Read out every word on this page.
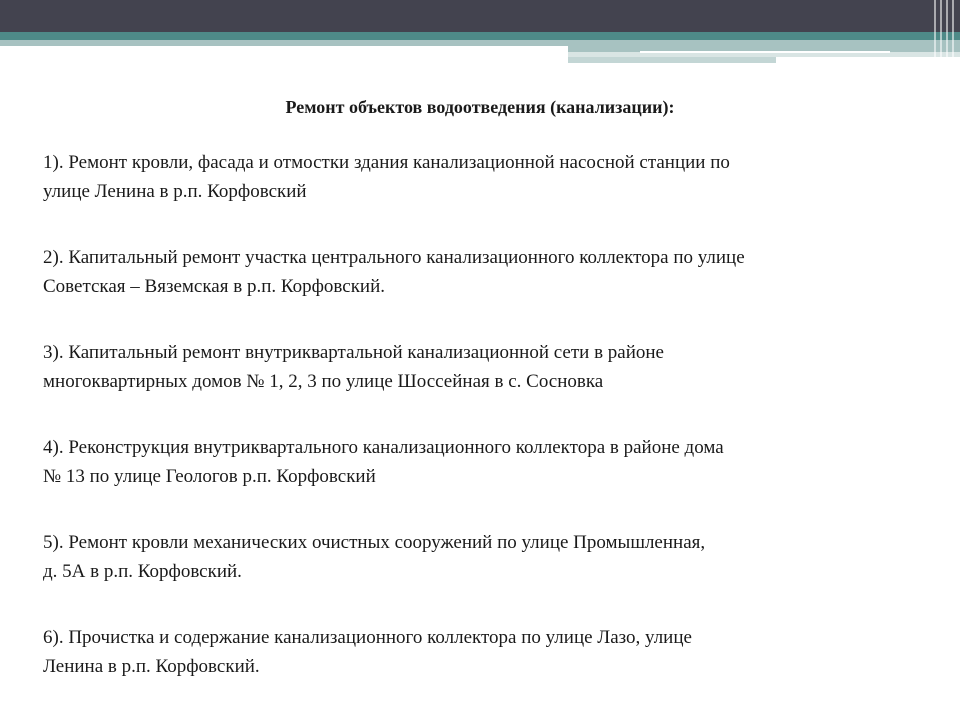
Ремонт объектов водоотведения (канализации):
1). Ремонт кровли, фасада и отмостки здания канализационной насосной станции по
улице Ленина в р.п. Корфовский
2). Капитальный ремонт участка центрального канализационного коллектора по улице
Советская – Вяземская в р.п. Корфовский.
3). Капитальный ремонт внутриквартальной канализационной сети в районе
многоквартирных домов № 1, 2, 3 по улице Шоссейная в с. Сосновка
4). Реконструкция внутриквартального канализационного коллектора в районе дома
№ 13 по улице Геологов р.п. Корфовский
5). Ремонт кровли механических очистных сооружений по улице Промышленная,
д. 5А в р.п. Корфовский.
6). Прочистка и содержание канализационного коллектора по улице Лазо, улице
Ленина в р.п. Корфовский.
